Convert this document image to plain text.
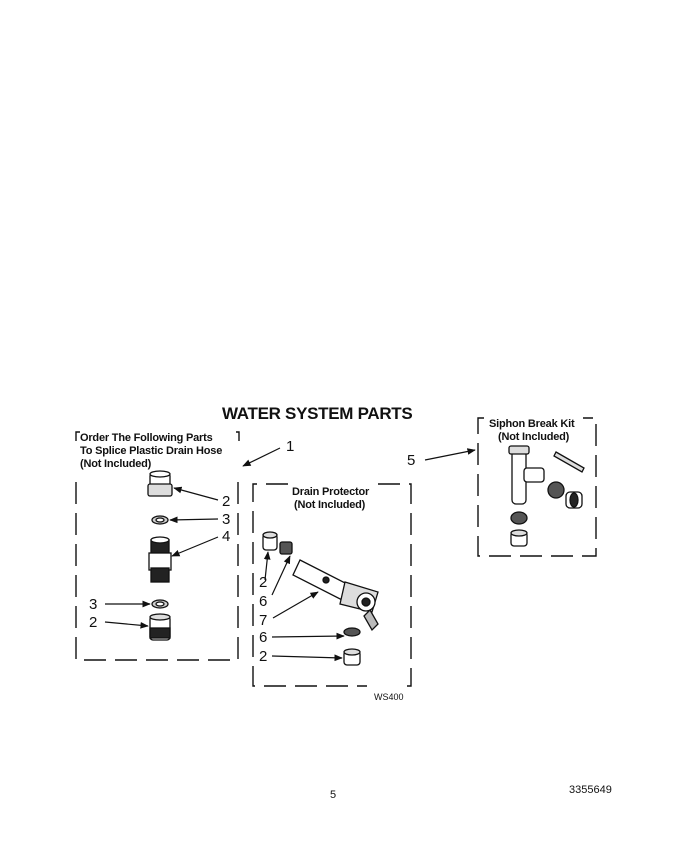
WATER SYSTEM PARTS
Order The Following Parts
To Splice Plastic Drain Hose
(Not Included)
Drain Protector
(Not Included)
Siphon Break Kit
(Not Included)
1
2
3
4
3
2
5
2
6
7
6
2
WS400
5	3355649
